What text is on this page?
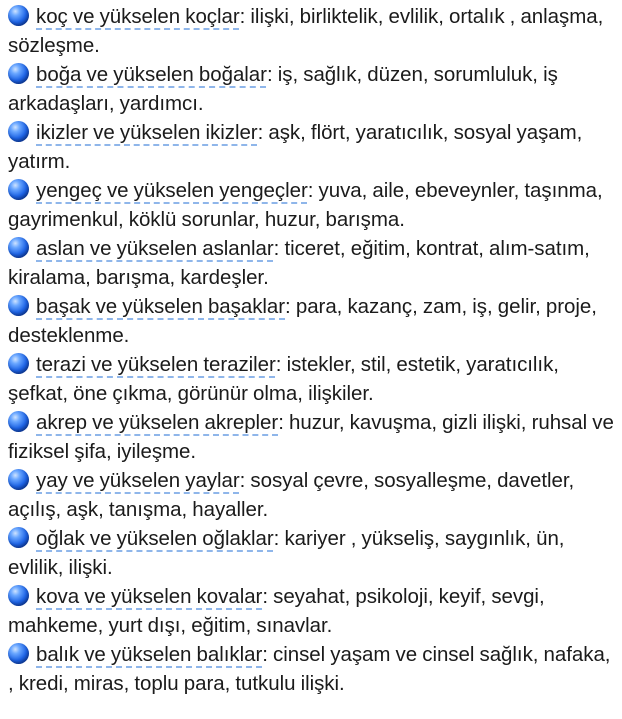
koç ve yükselen koçlar: ilişki, birliktelik, evlilik, ortalık , anlaşma, sözleşme.
boğa ve yükselen boğalar: iş, sağlık, düzen, sorumluluk, iş arkadaşları, yardımcı.
ikizler ve yükselen ikizler: aşk, flört, yaratıcılık, sosyal yaşam, yatırm.
yengeç ve yükselen yengeçler: yuva, aile, ebeveynler, taşınma, gayrimenkul, köklü sorunlar, huzur, barışma.
aslan ve yükselen aslanlar: ticeret, eğitim, kontrat, alım-satım, kiralama, barışma, kardeşler.
başak ve yükselen başaklar: para, kazanç, zam, iş, gelir, proje, desteklenme.
terazi ve yükselen teraziler: istekler, stil, estetik, yaratıcılık, şefkat, öne çıkma, görünür olma, ilişkiler.
akrep ve yükselen akrepler: huzur, kavuşma, gizli ilişki, ruhsal ve fiziksel şifa, iyileşme.
yay ve yükselen yaylar: sosyal çevre, sosyalleşme, davetler, açılış, aşk, tanışma, hayaller.
oğlak ve yükselen oğlaklar: kariyer , yükseliş, saygınlık, ün, evlilik, ilişki.
kova ve yükselen kovalar: seyahat, psikoloji, keyif, sevgi, mahkeme, yurt dışı, eğitim, sınavlar.
balık ve yükselen balıklar: cinsel yaşam ve cinsel sağlık, nafaka, , kredi, miras, toplu para, tutkulu ilişki.
